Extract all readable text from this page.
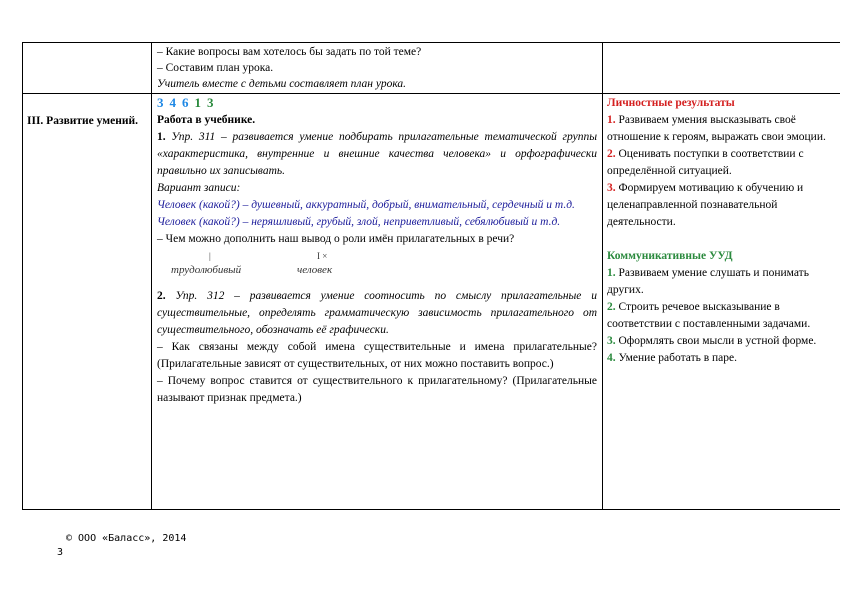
– Какие вопросы вам хотелось бы задать по той теме?
– Составим план урока.
Учитель вместе с детьми составляет план урока.
III. Развитие умений.
3 4 6 1 3
Работа в учебнике.
1. Упр. 311 – развивается умение подбирать прилагательные тематической группы «характеристика, внутренние и внешние качества человека» и орфографически правильно их записывать.
Вариант записи:
Человек (какой?) – душевный, аккуратный, добрый, внимательный, сердечный и т.д.
Человек (какой?) – неряшливый, грубый, злой, неприветливый, себялюбивый и т.д.
– Чем можно дополнить наш вывод о роли имён прилагательных в речи?
|
трудолюбивый
I ×
человек
2. Упр. 312 – развивается умение соотносить по смыслу прилагательные и существительные, определять грамматическую зависимость прилагательного от существительного, обозначать её графически.
– Как связаны между собой имена существительные и имена прилагательные? (Прилагательные зависят от существительных, от них можно поставить вопрос.)
– Почему вопрос ставится от существительного к прилагательному? (Прилагательные называют признак предмета.)
Личностные результаты
1. Развиваем умения высказывать своё отношение к героям, выражать свои эмоции.
2. Оценивать поступки в соответствии с определённой ситуацией.
3. Формируем мотивацию к обучению и целенаправленной познавательной деятельности.
Коммуникативные УУД
1. Развиваем умение слушать и понимать других.
2. Строить речевое высказывание в соответствии с поставленными задачами.
3. Оформлять свои мысли в устной форме.
4. Умение работать в паре.
© ООО «Баласс», 2014
3
